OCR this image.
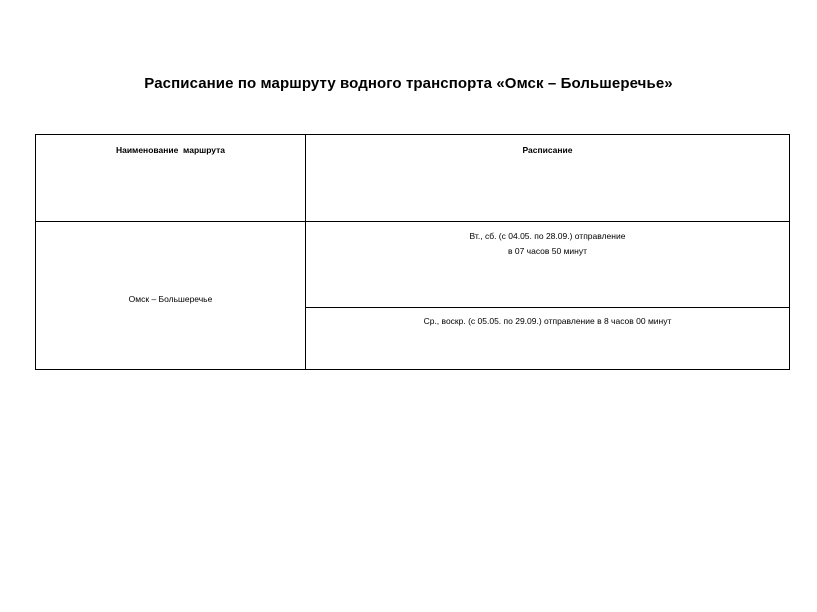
Расписание по маршруту водного транспорта «Омск – Большеречье»
Наименование  маршрута	Расписание

Омск – Большеречье	Вт., сб. (с 04.05. по 28.09.) отправление
в 07 часов 50 минут

	Ср., воскр. (с 05.05. по 29.09.) отправление в 8 часов 00 минут
